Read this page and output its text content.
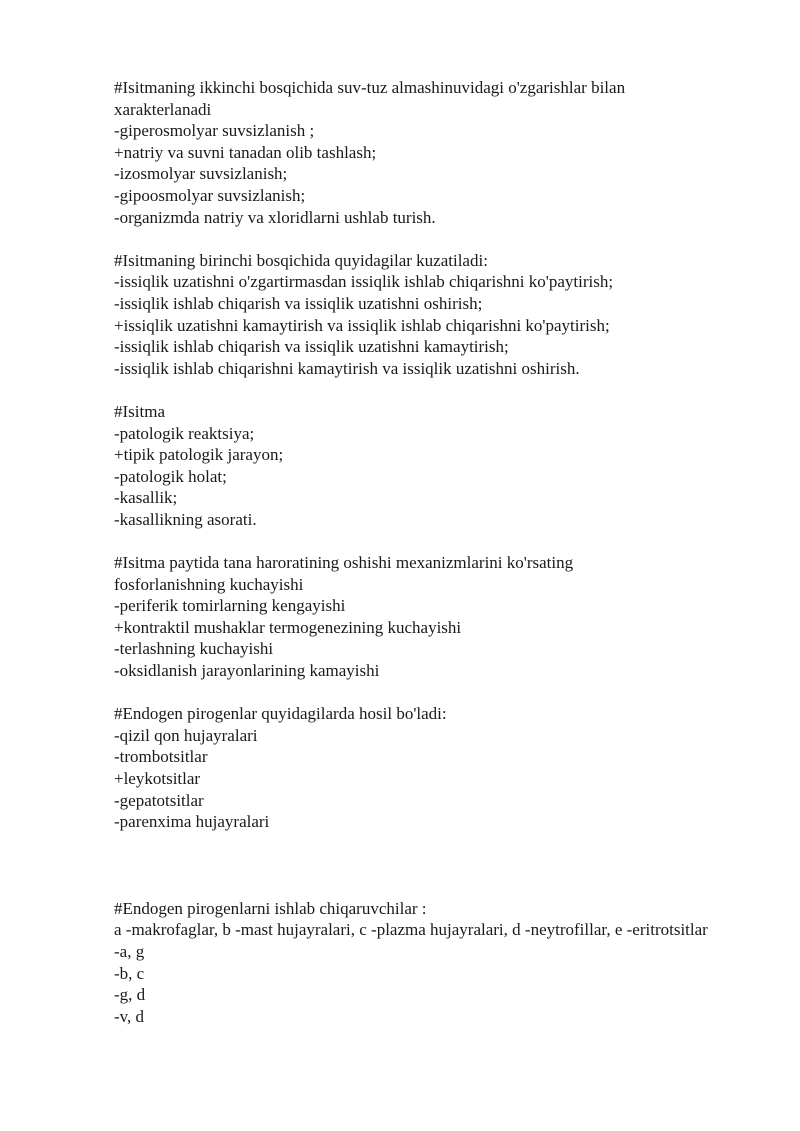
#Isitmaning ikkinchi bosqichida suv-tuz almashinuvidagi o'zgarishlar bilan xarakterlanadi
-giperosmolyar suvsizlanish ;
+natriy va suvni tanadan olib tashlash;
-izosmolyar suvsizlanish;
-gipoosmolyar suvsizlanish;
-organizmda natriy va xloridlarni ushlab turish.
#Isitmaning birinchi bosqichida quyidagilar kuzatiladi:
-issiqlik uzatishni o'zgartirmasdan issiqlik ishlab chiqarishni ko'paytirish;
-issiqlik ishlab chiqarish va issiqlik uzatishni oshirish;
+issiqlik uzatishni kamaytirish va issiqlik ishlab chiqarishni ko'paytirish;
-issiqlik ishlab chiqarish va issiqlik uzatishni kamaytirish;
-issiqlik ishlab chiqarishni kamaytirish va issiqlik uzatishni oshirish.
#Isitma
-patologik reaktsiya;
+tipik patologik jarayon;
-patologik holat;
-kasallik;
-kasallikning asorati.
#Isitma paytida tana haroratining oshishi mexanizmlarini ko'rsating
fosforlanishning kuchayishi
-periferik tomirlarning kengayishi
+kontraktil mushaklar termogenezining kuchayishi
-terlashning kuchayishi
-oksidlanish jarayonlarining kamayishi
#Endogen pirogenlar quyidagilarda hosil bo'ladi:
-qizil qon hujayralari
-trombotsitlar
+leykotsitlar
-gepatotsitlar
-parenxima hujayralari
#Endogen pirogenlarni ishlab chiqaruvchilar :
a -makrofaglar, b -mast hujayralari, c -plazma hujayralari, d -neytrofillar, e -eritrotsitlar
-a, g
-b, c
-g, d
-v, d
